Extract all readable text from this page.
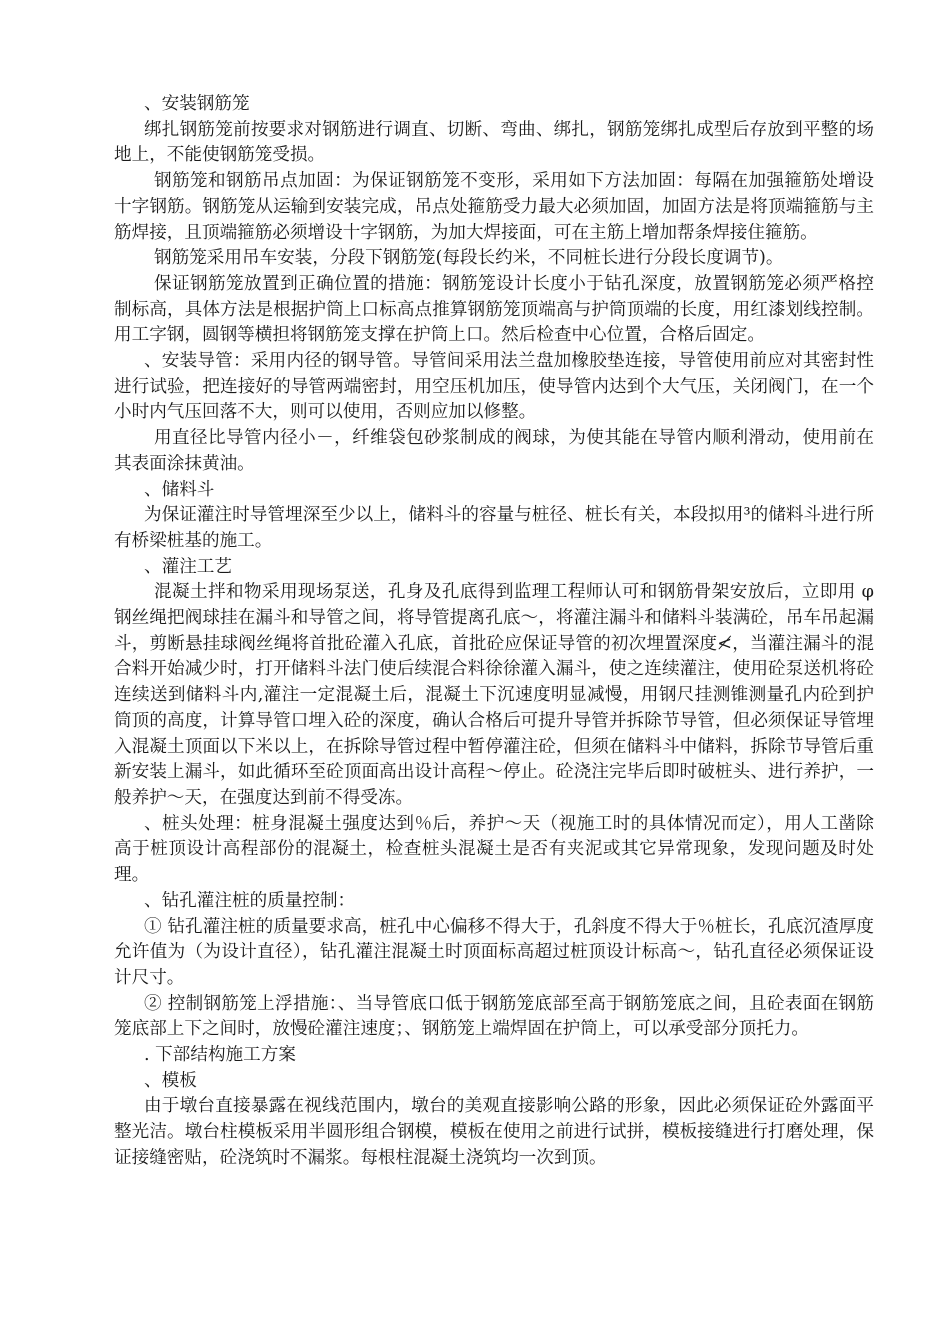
、安装钢筋笼

绑扎钢筋笼前按要求对钢筋进行调直、切断、弯曲、绑扎，钢筋笼绑扎成型后存放到平整的场地上，不能使钢筋笼受损。

钢筋笼和钢筋吊点加固：为保证钢筋笼不变形，采用如下方法加固：每隔在加强箍筋处增设十字钢筋。钢筋笼从运输到安装完成，吊点处箍筋受力最大必须加固，加固方法是将顶端箍筋与主筋焊接，且顶端箍筋必须增设十字钢筋，为加大焊接面，可在主筋上增加帮条焊接住箍筋。

钢筋笼采用吊车安装，分段下钢筋笼(每段长约米，不同桩长进行分段长度调节)。

保证钢筋笼放置到正确位置的措施：钢筋笼设计长度小于钻孔深度，放置钢筋笼必须严格控制标高，具体方法是根据护筒上口标高点推算钢筋笼顶端高与护筒顶端的长度，用红漆划线控制。用工字钢，圆钢等横担将钢筋笼支撑在护筒上口。然后检查中心位置，合格后固定。

、安装导管：采用内径的钢导管。导管间采用法兰盘加橡胶垫连接，导管使用前应对其密封性进行试验，把连接好的导管两端密封，用空压机加压，使导管内达到个大气压，关闭阀门，在一个小时内气压回落不大，则可以使用，否则应加以修整。

用直径比导管内径小－，纤维袋包砂浆制成的阀球，为使其能在导管内顺利滑动，使用前在其表面涂抹黄油。

、储料斗

为保证灌注时导管埋深至少以上，储料斗的容量与桩径、桩长有关，本段拟用³的储料斗进行所有桥梁桩基的施工。

、灌注工艺

混凝土拌和物采用现场泵送，孔身及孔底得到监理工程师认可和钢筋骨架安放后，立即用 φ 钢丝绳把阀球挂在漏斗和导管之间，将导管提离孔底～，将灌注漏斗和储料斗装满砼，吊车吊起漏斗，剪断悬挂球阀丝绳将首批砼灌入孔底，首批砼应保证导管的初次埋置深度≮，当灌注漏斗的混合料开始减少时，打开储料斗法门使后续混合料徐徐灌入漏斗，使之连续灌注，使用砼泵送机将砼连续送到储料斗内,灌注一定混凝土后，混凝土下沉速度明显减慢，用钢尺挂测锥测量孔内砼到护筒顶的高度，计算导管口埋入砼的深度，确认合格后可提升导管并拆除节导管，但必须保证导管埋入混凝土顶面以下米以上，在拆除导管过程中暂停灌注砼，但须在储料斗中储料，拆除节导管后重新安装上漏斗，如此循环至砼顶面高出设计高程～停止。砼浇注完毕后即时破桩头、进行养护，一般养护～天，在强度达到前不得受冻。

、桩头处理：桩身混凝土强度达到％后，养护～天（视施工时的具体情况而定），用人工凿除高于桩顶设计高程部份的混凝土，检查桩头混凝土是否有夹泥或其它异常现象，发现问题及时处理。

、钻孔灌注桩的质量控制：

① 钻孔灌注桩的质量要求高，桩孔中心偏移不得大于，孔斜度不得大于％桩长，孔底沉渣厚度允许值为（为设计直径），钻孔灌注混凝土时顶面标高超过桩顶设计标高～，钻孔直径必须保证设计尺寸。

② 控制钢筋笼上浮措施：、当导管底口低于钢筋笼底部至高于钢筋笼底之间，且砼表面在钢筋笼底部上下之间时，放慢砼灌注速度；、钢筋笼上端焊固在护筒上，可以承受部分顶托力。

. 下部结构施工方案

、模板

由于墩台直接暴露在视线范围内，墩台的美观直接影响公路的形象，因此必须保证砼外露面平整光洁。墩台柱模板采用半圆形组合钢模，模板在使用之前进行试拼，模板接缝进行打磨处理，保证接缝密贴，砼浇筑时不漏浆。每根柱混凝土浇筑均一次到顶。
